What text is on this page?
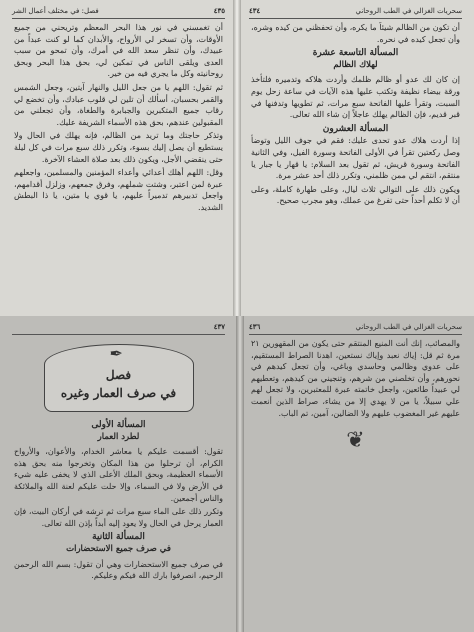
٤٣٥
فصل: في مختلف أعمال الشر

أن تغمسني في نور هذا البحر المعظم وتريحني من جميع الأوقات، وأن تسخر لي الأرواح، والأبدان كما لو كنت عبداً من عبيدك، وأن تنظر سعد الله في أمرك، وأن تمحو من سبب العدى ويلقى الناس في تمكين لي، بحق هذا البحر وبحق روحانيته وكل ما يجري فيه من خير.

ثم تقول: اللهم يا من جعل الليل والنهار آيتين، وجعل الشمس والقمر بحسبان، أسألك أن تلين لي قلوب عبادك، وأن تخضع لي رقاب جميع المتكبرين والجبابرة والطغاة، وأن تجعلني من المقبولين عندهم، بحق هذه الأسماء الشريفة عليك.

وتذكر حاجتك وما تريد من الظالم، فإنه يهلك في الحال ولا يستطيع أن يصل إليك بسوء، وتكرر ذلك سبع مرات في كل ليلة حتى ينقضي الأجل، ويكون ذلك بعد صلاة العشاء الآخرة.

وقل: اللهم أهلك أعدائي وأعداء المؤمنين والمسلمين، واجعلهم عبرة لمن اعتبر، وشتت شملهم، وفرق جمعهم، وزلزل أقدامهم، واجعل تدبيرهم تدميراً عليهم، يا قوي يا متين، يا ذا البطش الشديد.

سحريات الغزالي في الطب الروحاني
٤٣٤

أن تكون من الظالم شيئاً ما يكره، وأن تحفظني من كيده وشره، وأن تجعل كيده في نحره.

المسألة التاسعة عشرة
لهلاك الظالم

إن كان لك عدو أو ظالم ظلمك وأردت هلاكه وتدميره فلتأخذ ورقة بيضاء نظيفة وتكتب عليها هذه الآيات في ساعة زحل يوم السبت، وتقرأ عليها الفاتحة سبع مرات، ثم تطويها وتدفنها في قبر قديم، فإن الظالم يهلك عاجلاً إن شاء الله تعالى.

المسألة العشرون

إذا أردت هلاك عدو تحدى عليك: فقم في جوف الليل وتوضأ وصل ركعتين تقرأ في الأولى الفاتحة وسورة الفيل، وفي الثانية الفاتحة وسورة قريش، ثم تقول بعد السلام: يا قهار يا جبار يا منتقم، انتقم لي ممن ظلمني، وتكرر ذلك أحد عشر مرة.

ويكون ذلك على التوالي ثلاث ليال، وعلى طهارة كاملة، وعلى أن لا تكلم أحداً حتى تفرغ من عملك، وهو مجرب صحيح.

٤٣٧
✒
فصل
في صرف العمار وغيره
المسألة الأولى
لطرد العمار

تقول: أقسمت عليكم يا معاشر الخدام، والأعوان، والأرواح الكرام، أن ترحلوا من هذا المكان وتخرجوا منه بحق هذه الأسماء العظيمة، وبحق الملك الأعلى الذي لا يخفى عليه شيء في الأرض ولا في السماء، وإلا حلت عليكم لعنة الله والملائكة والناس أجمعين.

وتكرر ذلك على الماء سبع مرات ثم ترشه في أركان البيت، فإن العمار يرحل في الحال ولا يعود إليه أبداً بإذن الله تعالى.

المسألة الثانية
في صرف جميع الاستحضارات

في صرف جميع الاستحضارات وهي أن تقول: بسم الله الرحمن الرحيم، انصرفوا بارك الله فيكم وعليكم.

سحريات الغزالي في الطب الروحاني
٤٣٦

والمصائب، إنك أنت المنيع المنتقم حتى يكون من المقهورين ٢١ مرة ثم قل: إياك نعبد وإياك نستعين، اهدنا الصراط المستقيم، على عدوي وظالمي وحاسدي وباغي، وأن تجعل كيدهم في نحورهم، وأن تخلصني من شرهم، وتنجيني من كيدهم، وتعطيهم لي عبيداً طائعين، واجعل خاتمته عبرة للمعتبرين، ولا تجعل لهم علي سبيلاً، يا من لا يهدي إلا من يشاء، صراط الذين أنعمت عليهم غير المغضوب عليهم ولا الضالين، آمين، تم الباب.

❦
